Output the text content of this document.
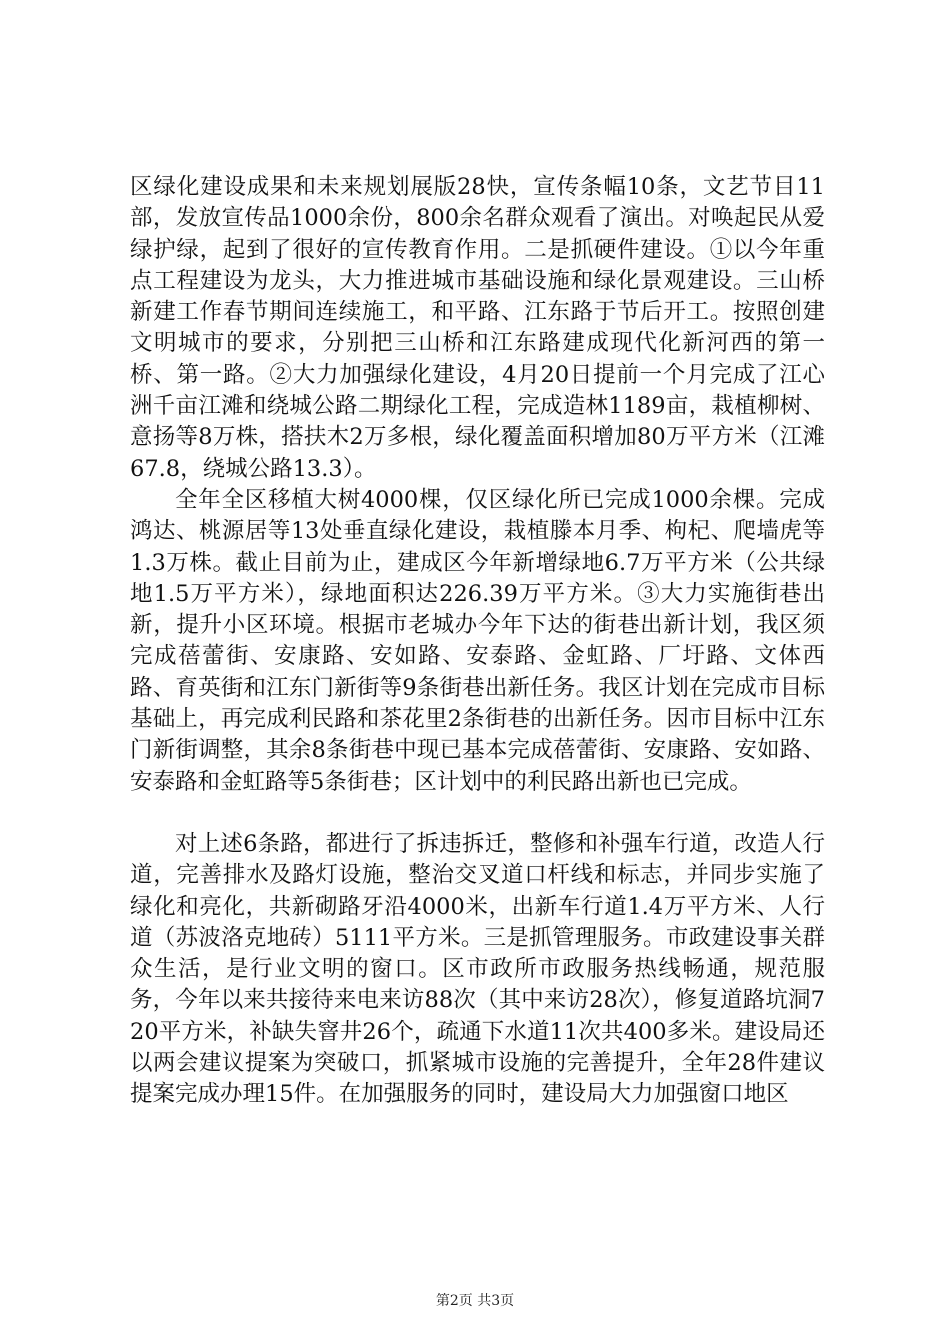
区绿化建设成果和未来规划展版28快，宣传条幅10条，文艺节目11部，发放宣传品1000余份，800余名群众观看了演出。对唤起民从爱绿护绿，起到了很好的宣传教育作用。二是抓硬件建设。①以今年重点工程建设为龙头，大力推进城市基础设施和绿化景观建设。三山桥新建工作春节期间连续施工，和平路、江东路于节后开工。按照创建文明城市的要求，分别把三山桥和江东路建成现代化新河西的第一桥、第一路。②大力加强绿化建设，4月20日提前一个月完成了江心洲千亩江滩和绕城公路二期绿化工程，完成造林1189亩，栽植柳树、意扬等8万株，搭扶木2万多根，绿化覆盖面积增加80万平方米（江滩67.8，绕城公路13.3）。

全年全区移植大树4000棵，仅区绿化所已完成1000余棵。完成鸿达、桃源居等13处垂直绿化建设，栽植滕本月季、枸杞、爬墙虎等1.3万株。截止目前为止，建成区今年新增绿地6.7万平方米（公共绿地1.5万平方米），绿地面积达226.39万平方米。③大力实施街巷出新，提升小区环境。根据市老城办今年下达的街巷出新计划，我区须完成蓓蕾街、安康路、安如路、安泰路、金虹路、厂圩路、文体西路、育英街和江东门新街等9条街巷出新任务。我区计划在完成市目标基础上，再完成利民路和茶花里2条街巷的出新任务。因市目标中江东门新街调整，其余8条街巷中现已基本完成蓓蕾街、安康路、安如路、安泰路和金虹路等5条街巷；区计划中的利民路出新也已完成。

对上述6条路，都进行了拆违拆迁，整修和补强车行道，改造人行道，完善排水及路灯设施，整治交叉道口杆线和标志，并同步实施了绿化和亮化，共新砌路牙沿4000米，出新车行道1.4万平方米、人行道（苏波洛克地砖）5111平方米。三是抓管理服务。市政建设事关群众生活，是行业文明的窗口。区市政所市政服务热线畅通，规范服务，今年以来共接待来电来访88次（其中来访28次），修复道路坑洞720平方米，补缺失窨井26个，疏通下水道11次共400多米。建设局还以两会建议提案为突破口，抓紧城市设施的完善提升，全年28件建议提案完成办理15件。在加强服务的同时，建设局大力加强窗口地区

第2页 共3页
